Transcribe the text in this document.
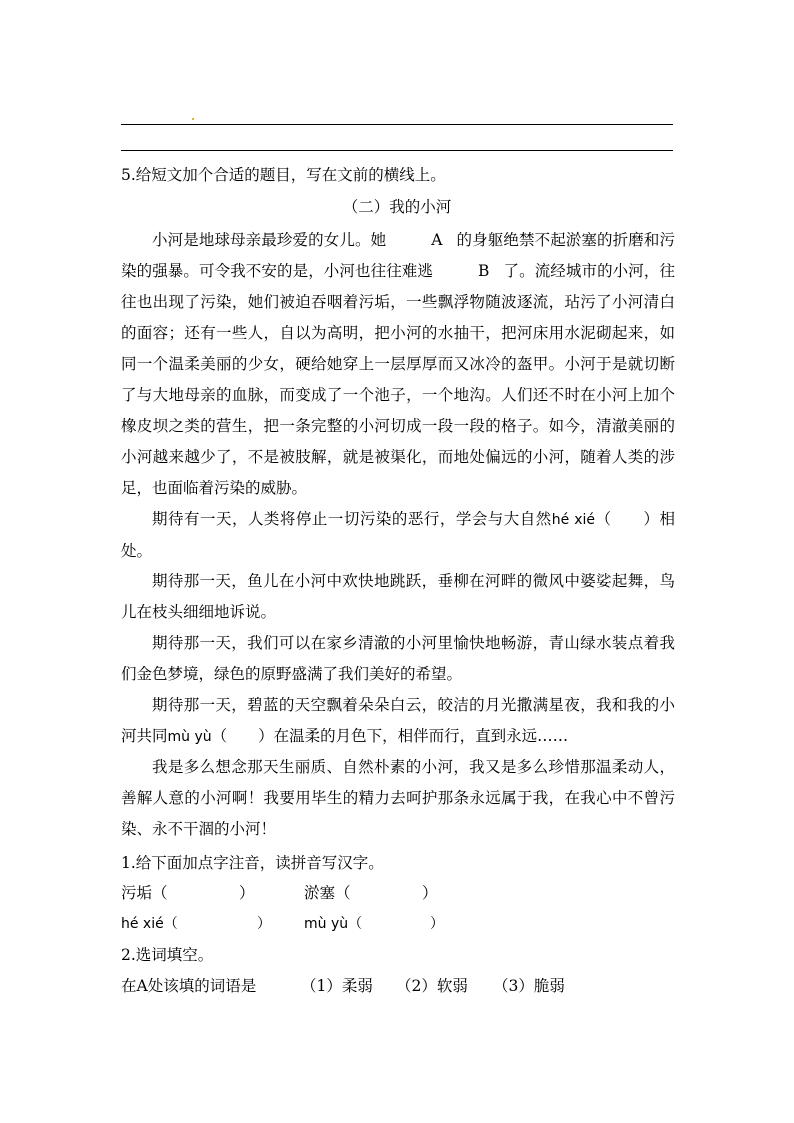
5.给短文加个合适的题目，写在文前的横线上。
（二）我的小河

小河是地球母亲最珍爱的女儿。她	A 的身躯绝禁不起淤塞的折磨和污染的强暴。可令我不安的是，小河也往往难逃	B 了。流经城市的小河，往往也出现了污染，她们被迫吞咽着污垢，一些飘浮物随波逐流，玷污了小河清白的面容；还有一些人，自以为高明，把小河的水抽干，把河床用水泥砌起来，如同一个温柔美丽的少女，硬给她穿上一层厚厚而又冰冷的盔甲。小河于是就切断了与大地母亲的血脉，而变成了一个池子，一个地沟。人们还不时在小河上加个橡皮坝之类的营生，把一条完整的小河切成一段一段的格子。如今，清澈美丽的小河越来越少了，不是被肢解，就是被渠化，而地处偏远的小河，随着人类的涉足，也面临着污染的威胁。

期待有一天，人类将停止一切污染的恶行，学会与大自然hé xié（　　）相处。

期待那一天，鱼儿在小河中欢快地跳跃，垂柳在河畔的微风中婆娑起舞，鸟儿在枝头细细地诉说。

期待那一天，我们可以在家乡清澈的小河里愉快地畅游，青山绿水装点着我们金色梦境，绿色的原野盛满了我们美好的希望。

期待那一天，碧蓝的天空飘着朵朵白云，皎洁的月光撒满星夜，我和我的小河共同mù yù（　　）在温柔的月色下，相伴而行，直到永远……

我是多么想念那天生丽质、自然朴素的小河，我又是多么珍惜那温柔动人，善解人意的小河啊！我要用毕生的精力去呵护那条永远属于我，在我心中不曾污染、永不干涸的小河！

1.给下面加点字注音，读拼音写汉字。
污垢（	）	淤塞（	）
hé xié（	） mù yù（	）
2.选词填空。
在A处该填的词语是	（1）柔弱 （2）软弱 （3）脆弱
